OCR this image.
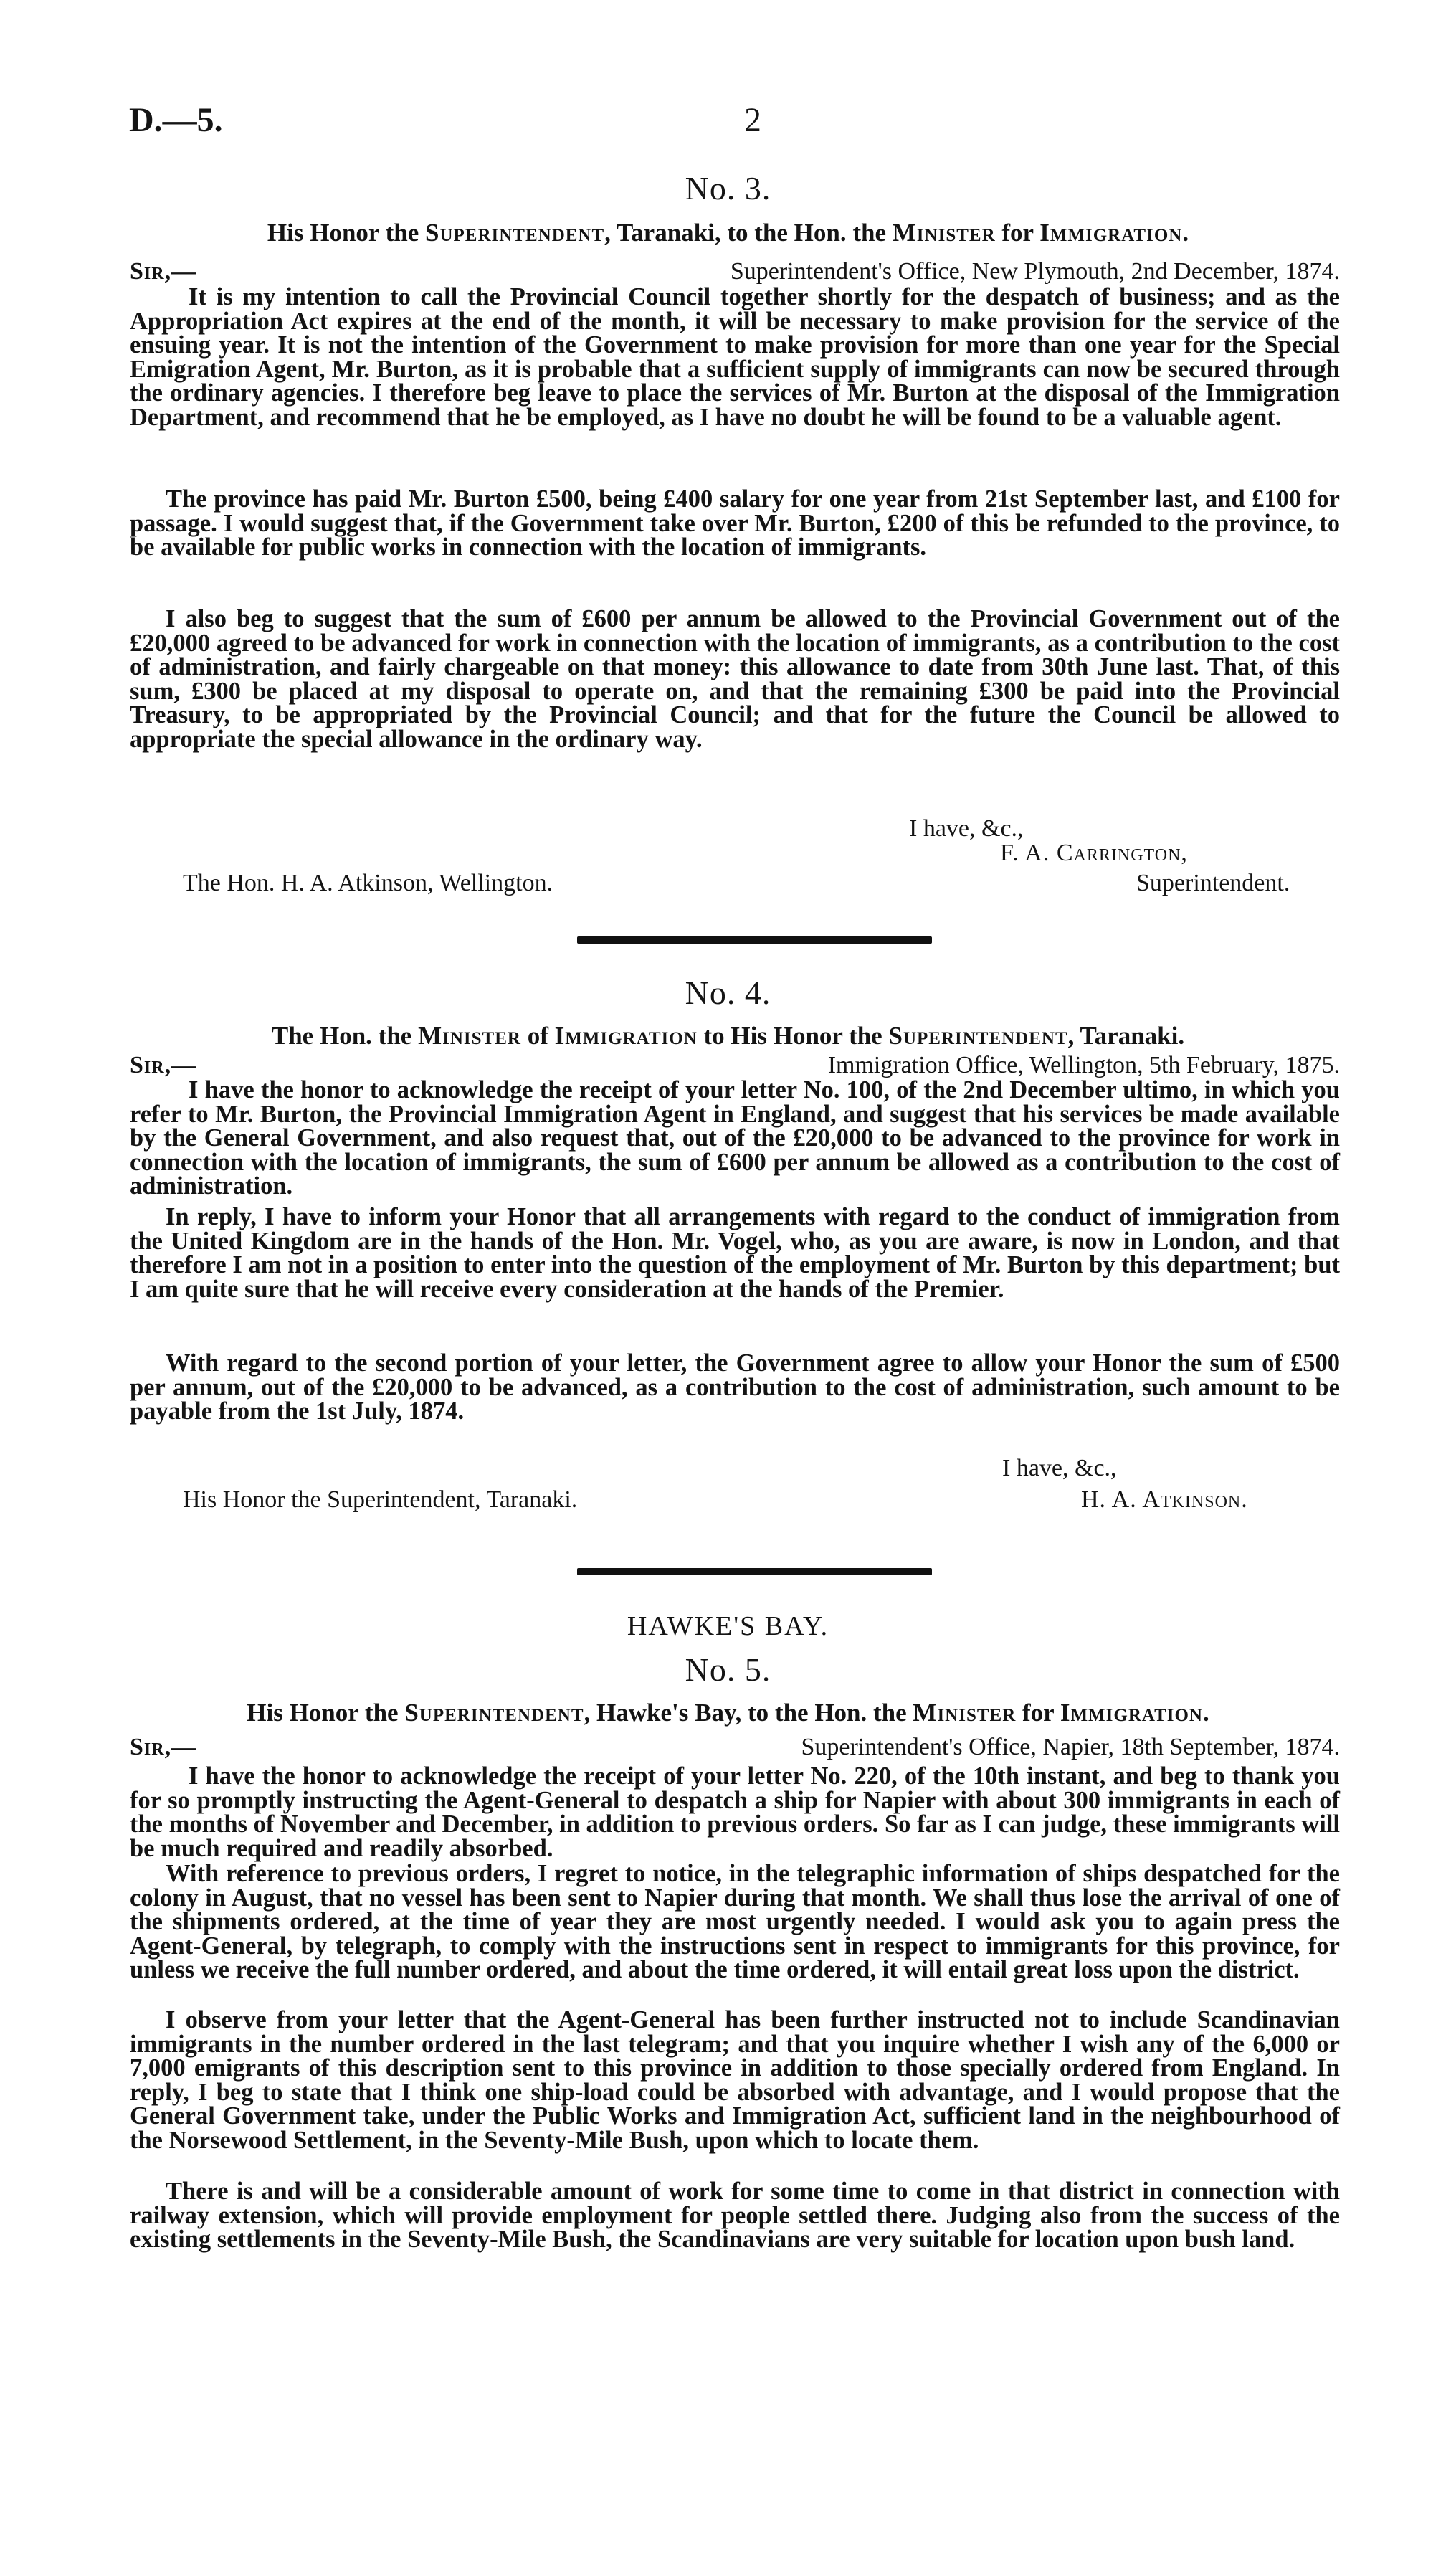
D.—5.	2
No. 3.
His Honor the Superintendent, Taranaki, to the Hon. the Minister for Immigration.
Sir,—	Superintendent's Office, New Plymouth, 2nd December, 1874.

It is my intention to call the Provincial Council together shortly for the despatch of business; and as the Appropriation Act expires at the end of the month, it will be necessary to make provision for the service of the ensuing year. It is not the intention of the Government to make provision for more than one year for the Special Emigration Agent, Mr. Burton, as it is probable that a sufficient supply of immigrants can now be secured through the ordinary agencies. I therefore beg leave to place the services of Mr. Burton at the disposal of the Immigration Department, and recommend that he be employed, as I have no doubt he will be found to be a valuable agent.

The province has paid Mr. Burton £500, being £400 salary for one year from 21st September last, and £100 for passage. I would suggest that, if the Government take over Mr. Burton, £200 of this be refunded to the province, to be available for public works in connection with the location of immigrants.

I also beg to suggest that the sum of £600 per annum be allowed to the Provincial Government out of the £20,000 agreed to be advanced for work in connection with the location of immigrants, as a contribution to the cost of administration, and fairly chargeable on that money: this allowance to date from 30th June last. That, of this sum, £300 be placed at my disposal to operate on, and that the remaining £300 be paid into the Provincial Treasury, to be appropriated by the Provincial Council; and that for the future the Council be allowed to appropriate the special allowance in the ordinary way.

I have, &c.,
F. A. Carrington,
The Hon. H. A. Atkinson, Wellington.	Superintendent.
No. 4.
The Hon. the Minister of Immigration to His Honor the Superintendent, Taranaki.
Sir,—	Immigration Office, Wellington, 5th February, 1875.

I have the honor to acknowledge the receipt of your letter No. 100, of the 2nd December ultimo, in which you refer to Mr. Burton, the Provincial Immigration Agent in England, and suggest that his services be made available by the General Government, and also request that, out of the £20,000 to be advanced to the province for work in connection with the location of immigrants, the sum of £600 per annum be allowed as a contribution to the cost of administration.

In reply, I have to inform your Honor that all arrangements with regard to the conduct of immigration from the United Kingdom are in the hands of the Hon. Mr. Vogel, who, as you are aware, is now in London, and that therefore I am not in a position to enter into the question of the employment of Mr. Burton by this department; but I am quite sure that he will receive every consideration at the hands of the Premier.

With regard to the second portion of your letter, the Government agree to allow your Honor the sum of £500 per annum, out of the £20,000 to be advanced, as a contribution to the cost of administration, such amount to be payable from the 1st July, 1874.

I have, &c.,
His Honor the Superintendent, Taranaki.	H. A. Atkinson.
HAWKE'S BAY.
No. 5.
His Honor the Superintendent, Hawke's Bay, to the Hon. the Minister for Immigration.
Sir,—	Superintendent's Office, Napier, 18th September, 1874.

I have the honor to acknowledge the receipt of your letter No. 220, of the 10th instant, and beg to thank you for so promptly instructing the Agent-General to despatch a ship for Napier with about 300 immigrants in each of the months of November and December, in addition to previous orders. So far as I can judge, these immigrants will be much required and readily absorbed.

With reference to previous orders, I regret to notice, in the telegraphic information of ships despatched for the colony in August, that no vessel has been sent to Napier during that month. We shall thus lose the arrival of one of the shipments ordered, at the time of year they are most urgently needed. I would ask you to again press the Agent-General, by telegraph, to comply with the instructions sent in respect to immigrants for this province, for unless we receive the full number ordered, and about the time ordered, it will entail great loss upon the district.

I observe from your letter that the Agent-General has been further instructed not to include Scandinavian immigrants in the number ordered in the last telegram; and that you inquire whether I wish any of the 6,000 or 7,000 emigrants of this description sent to this province in addition to those specially ordered from England. In reply, I beg to state that I think one ship-load could be absorbed with advantage, and I would propose that the General Government take, under the Public Works and Immigration Act, sufficient land in the neighbourhood of the Norsewood Settlement, in the Seventy-Mile Bush, upon which to locate them.

There is and will be a considerable amount of work for some time to come in that district in connection with railway extension, which will provide employment for people settled there. Judging also from the success of the existing settlements in the Seventy-Mile Bush, the Scandinavians are very suitable for location upon bush land.
